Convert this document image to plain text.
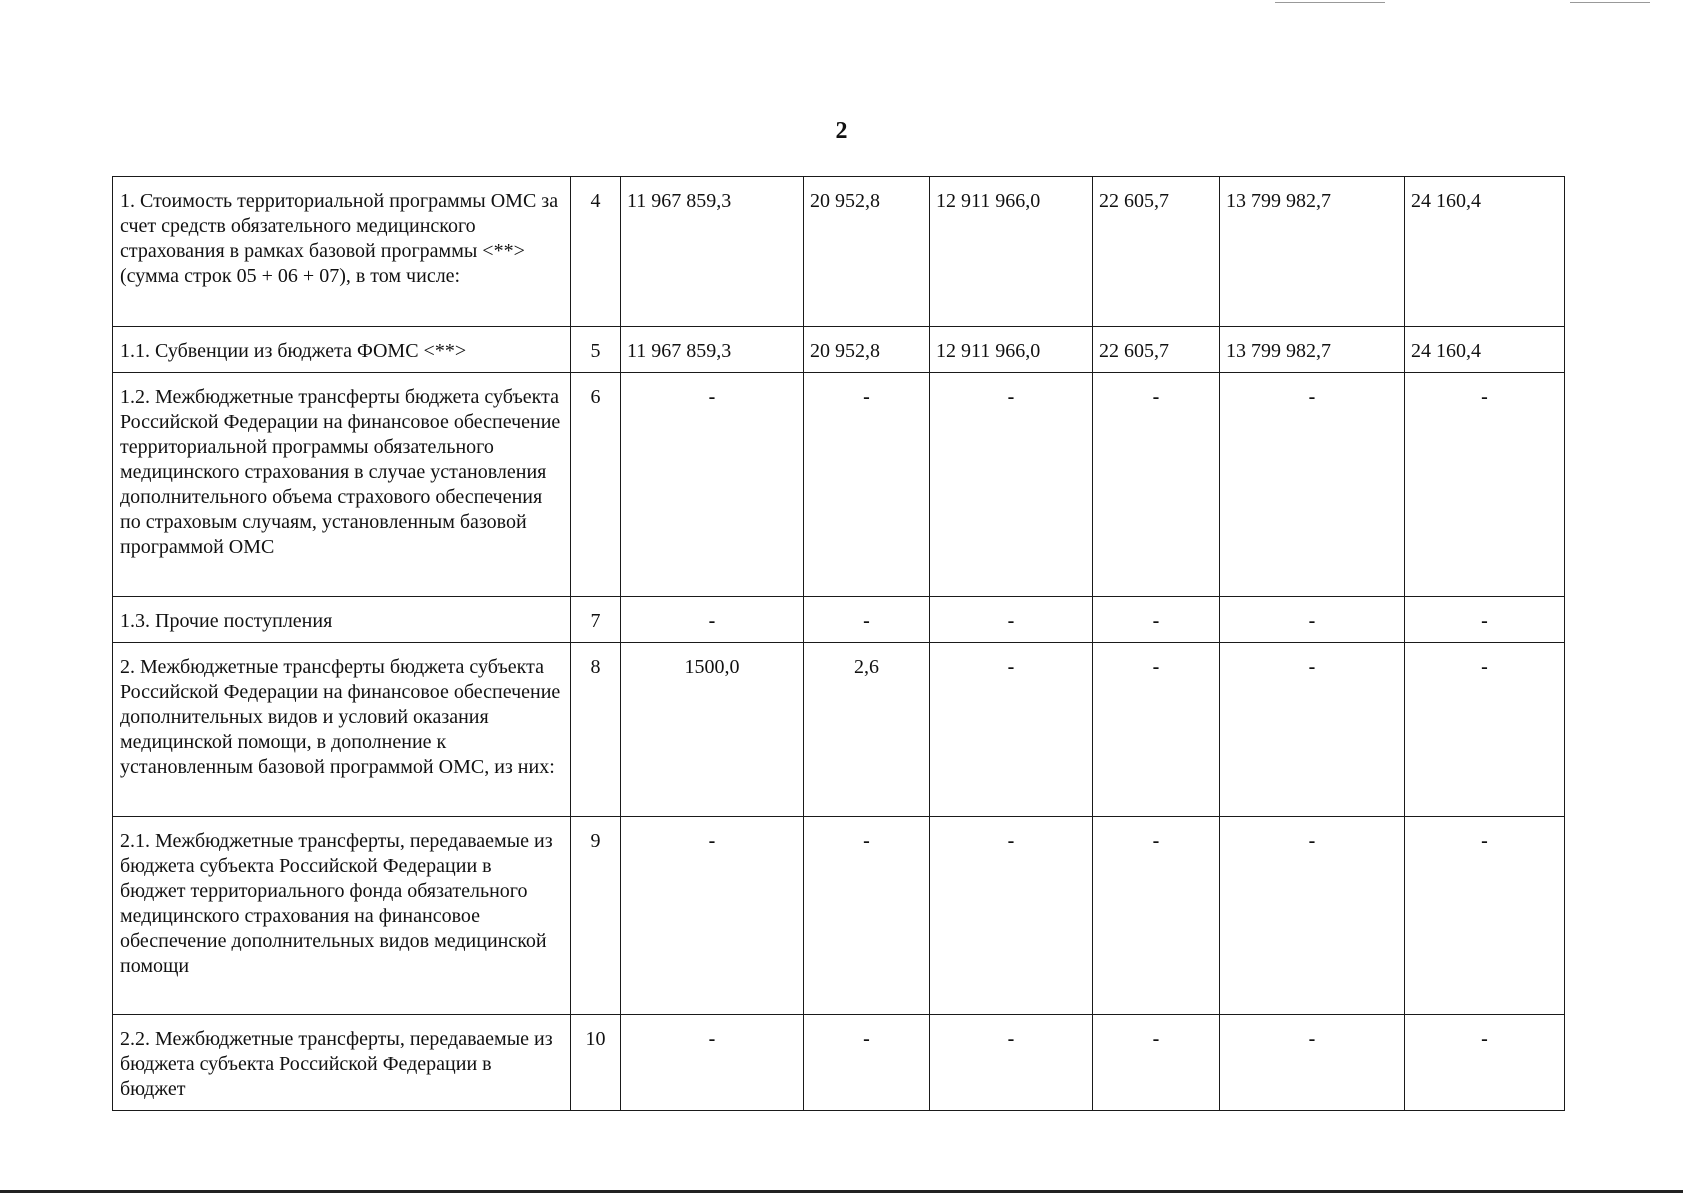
2
1. Стоимость территориальной программы ОМС за счет средств обязательного медицинского страхования в рамках базовой программы <**> (сумма строк 05 + 06 + 07), в том числе:	4	11 967 859,3	20 952,8	12 911 966,0	22 605,7	13 799 982,7	24 160,4
1.1. Субвенции из бюджета ФОМС <**>	5	11 967 859,3	20 952,8	12 911 966,0	22 605,7	13 799 982,7	24 160,4
1.2. Межбюджетные трансферты бюджета субъекта Российской Федерации на финансовое обеспечение территориальной программы обязательного медицинского страхования в случае установления дополнительного объема страхового обеспечения по страховым случаям, установленным базовой программой ОМС	6	-	-	-	-	-	-
1.3. Прочие поступления	7	-	-	-	-	-	-
2. Межбюджетные трансферты бюджета субъекта Российской Федерации на финансовое обеспечение дополнительных видов и условий оказания медицинской помощи, в дополнение к установленным базовой программой ОМС, из них:	8	1500,0	2,6	-	-	-	-
2.1. Межбюджетные трансферты, передаваемые из бюджета субъекта Российской Федерации в бюджет территориального фонда обязательного медицинского страхования на финансовое обеспечение дополнительных видов медицинской помощи	9	-	-	-	-	-	-
2.2. Межбюджетные трансферты, передаваемые из бюджета субъекта Российской Федерации в бюджет	10	-	-	-	-	-	-
